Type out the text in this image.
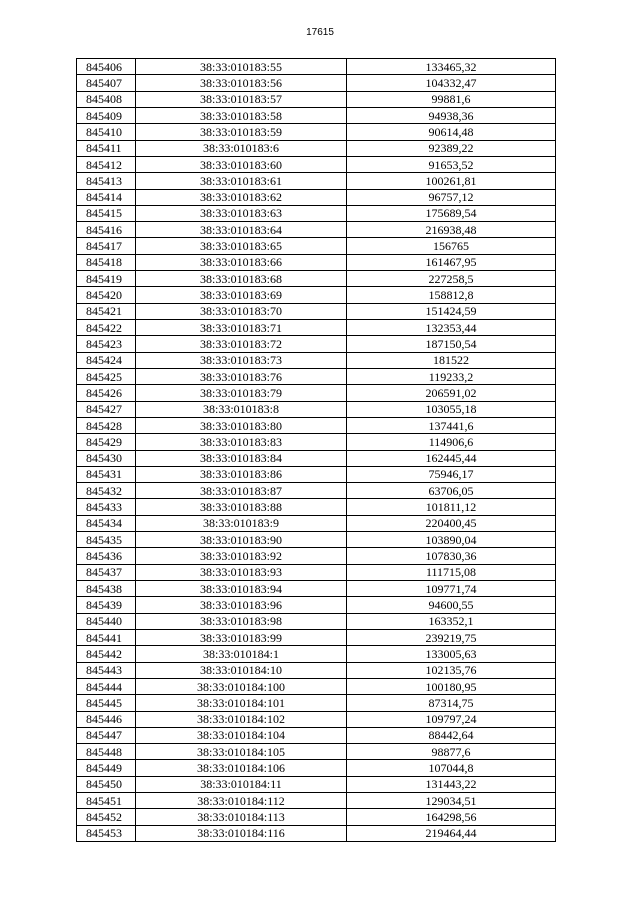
17615
845406	38:33:010183:55	133465,32
845407	38:33:010183:56	104332,47
845408	38:33:010183:57	99881,6
845409	38:33:010183:58	94938,36
845410	38:33:010183:59	90614,48
845411	38:33:010183:6	92389,22
845412	38:33:010183:60	91653,52
845413	38:33:010183:61	100261,81
845414	38:33:010183:62	96757,12
845415	38:33:010183:63	175689,54
845416	38:33:010183:64	216938,48
845417	38:33:010183:65	156765
845418	38:33:010183:66	161467,95
845419	38:33:010183:68	227258,5
845420	38:33:010183:69	158812,8
845421	38:33:010183:70	151424,59
845422	38:33:010183:71	132353,44
845423	38:33:010183:72	187150,54
845424	38:33:010183:73	181522
845425	38:33:010183:76	119233,2
845426	38:33:010183:79	206591,02
845427	38:33:010183:8	103055,18
845428	38:33:010183:80	137441,6
845429	38:33:010183:83	114906,6
845430	38:33:010183:84	162445,44
845431	38:33:010183:86	75946,17
845432	38:33:010183:87	63706,05
845433	38:33:010183:88	101811,12
845434	38:33:010183:9	220400,45
845435	38:33:010183:90	103890,04
845436	38:33:010183:92	107830,36
845437	38:33:010183:93	111715,08
845438	38:33:010183:94	109771,74
845439	38:33:010183:96	94600,55
845440	38:33:010183:98	163352,1
845441	38:33:010183:99	239219,75
845442	38:33:010184:1	133005,63
845443	38:33:010184:10	102135,76
845444	38:33:010184:100	100180,95
845445	38:33:010184:101	87314,75
845446	38:33:010184:102	109797,24
845447	38:33:010184:104	88442,64
845448	38:33:010184:105	98877,6
845449	38:33:010184:106	107044,8
845450	38:33:010184:11	131443,22
845451	38:33:010184:112	129034,51
845452	38:33:010184:113	164298,56
845453	38:33:010184:116	219464,44
